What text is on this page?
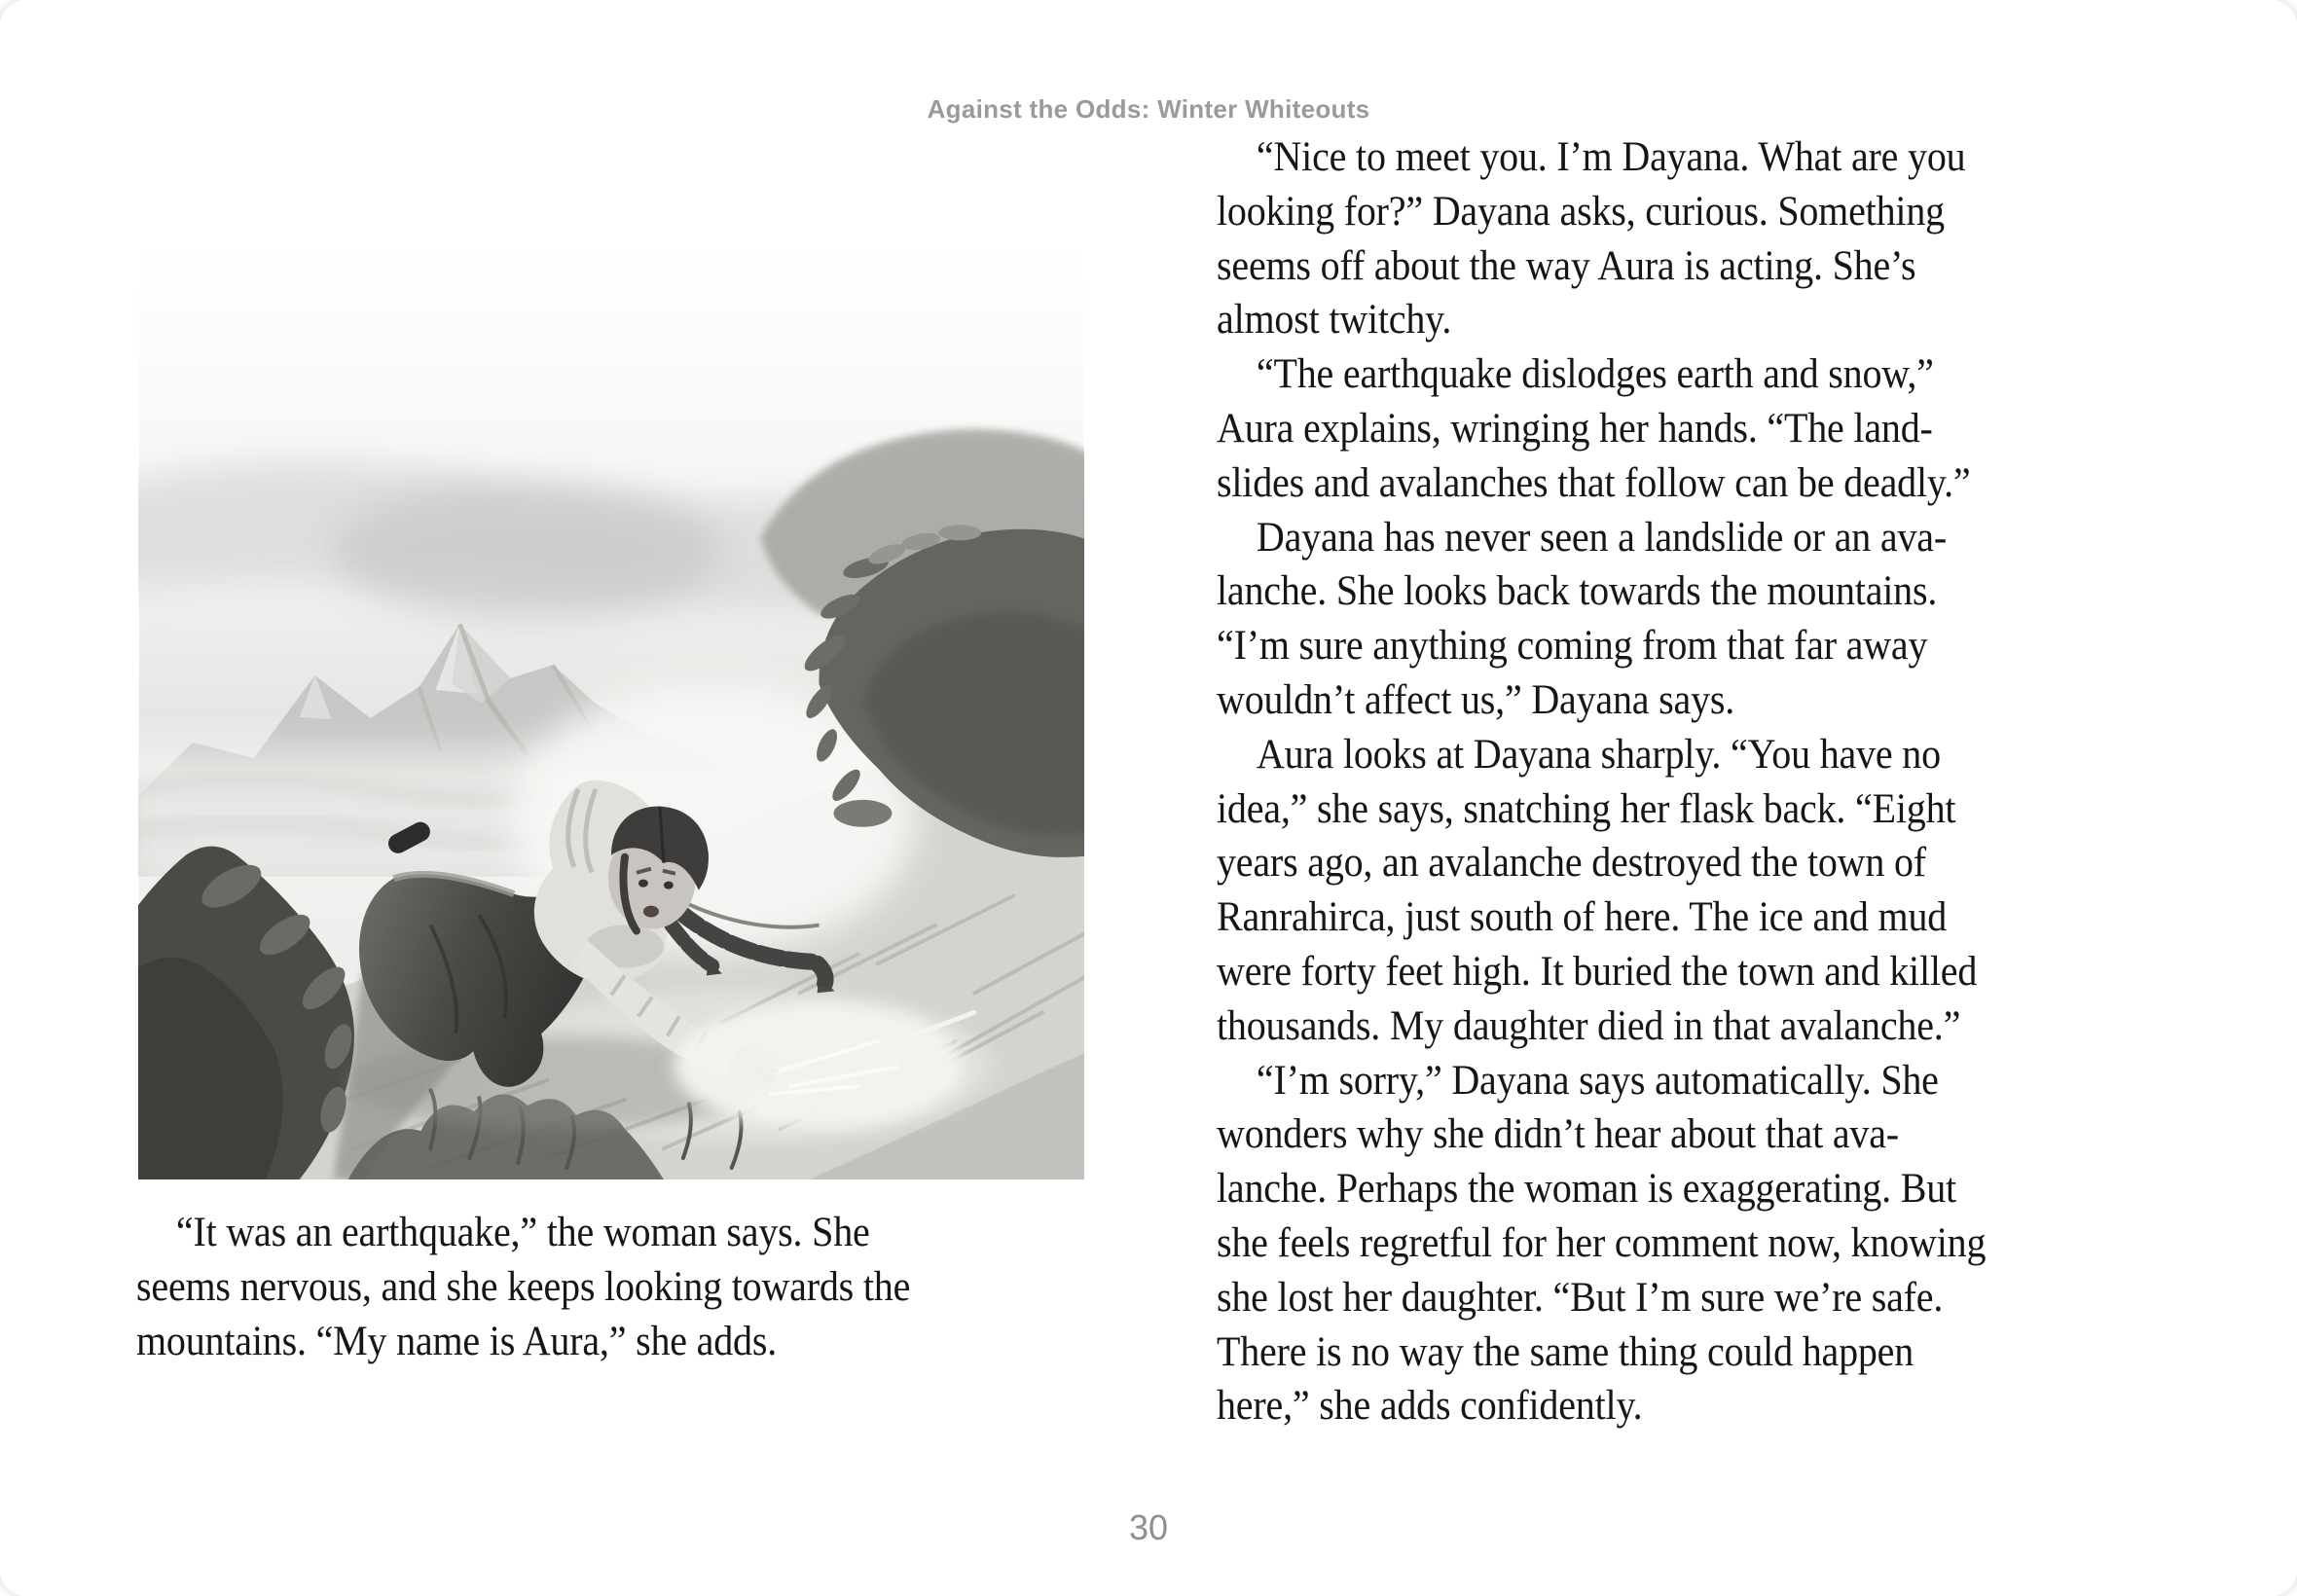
Against the Odds: Winter Whiteouts
“It was an earthquake,” the woman says. She
seems nervous, and she keeps looking towards the
mountains. “My name is Aura,” she adds.
“Nice to meet you. I’m Dayana. What are you
looking for?” Dayana asks, curious. Something
seems off about the way Aura is acting. She’s
almost twitchy.
“The earthquake dislodges earth and snow,”
Aura explains, wringing her hands. “The land-
slides and avalanches that follow can be deadly.”
Dayana has never seen a landslide or an ava-
lanche. She looks back towards the mountains.
“I’m sure anything coming from that far away
wouldn’t affect us,” Dayana says.
Aura looks at Dayana sharply. “You have no
idea,” she says, snatching her flask back. “Eight
years ago, an avalanche destroyed the town of
Ranrahirca, just south of here. The ice and mud
were forty feet high. It buried the town and killed
thousands. My daughter died in that avalanche.”
“I’m sorry,” Dayana says automatically. She
wonders why she didn’t hear about that ava-
lanche. Perhaps the woman is exaggerating. But
she feels regretful for her comment now, knowing
she lost her daughter. “But I’m sure we’re safe.
There is no way the same thing could happen
here,” she adds confidently.
30
